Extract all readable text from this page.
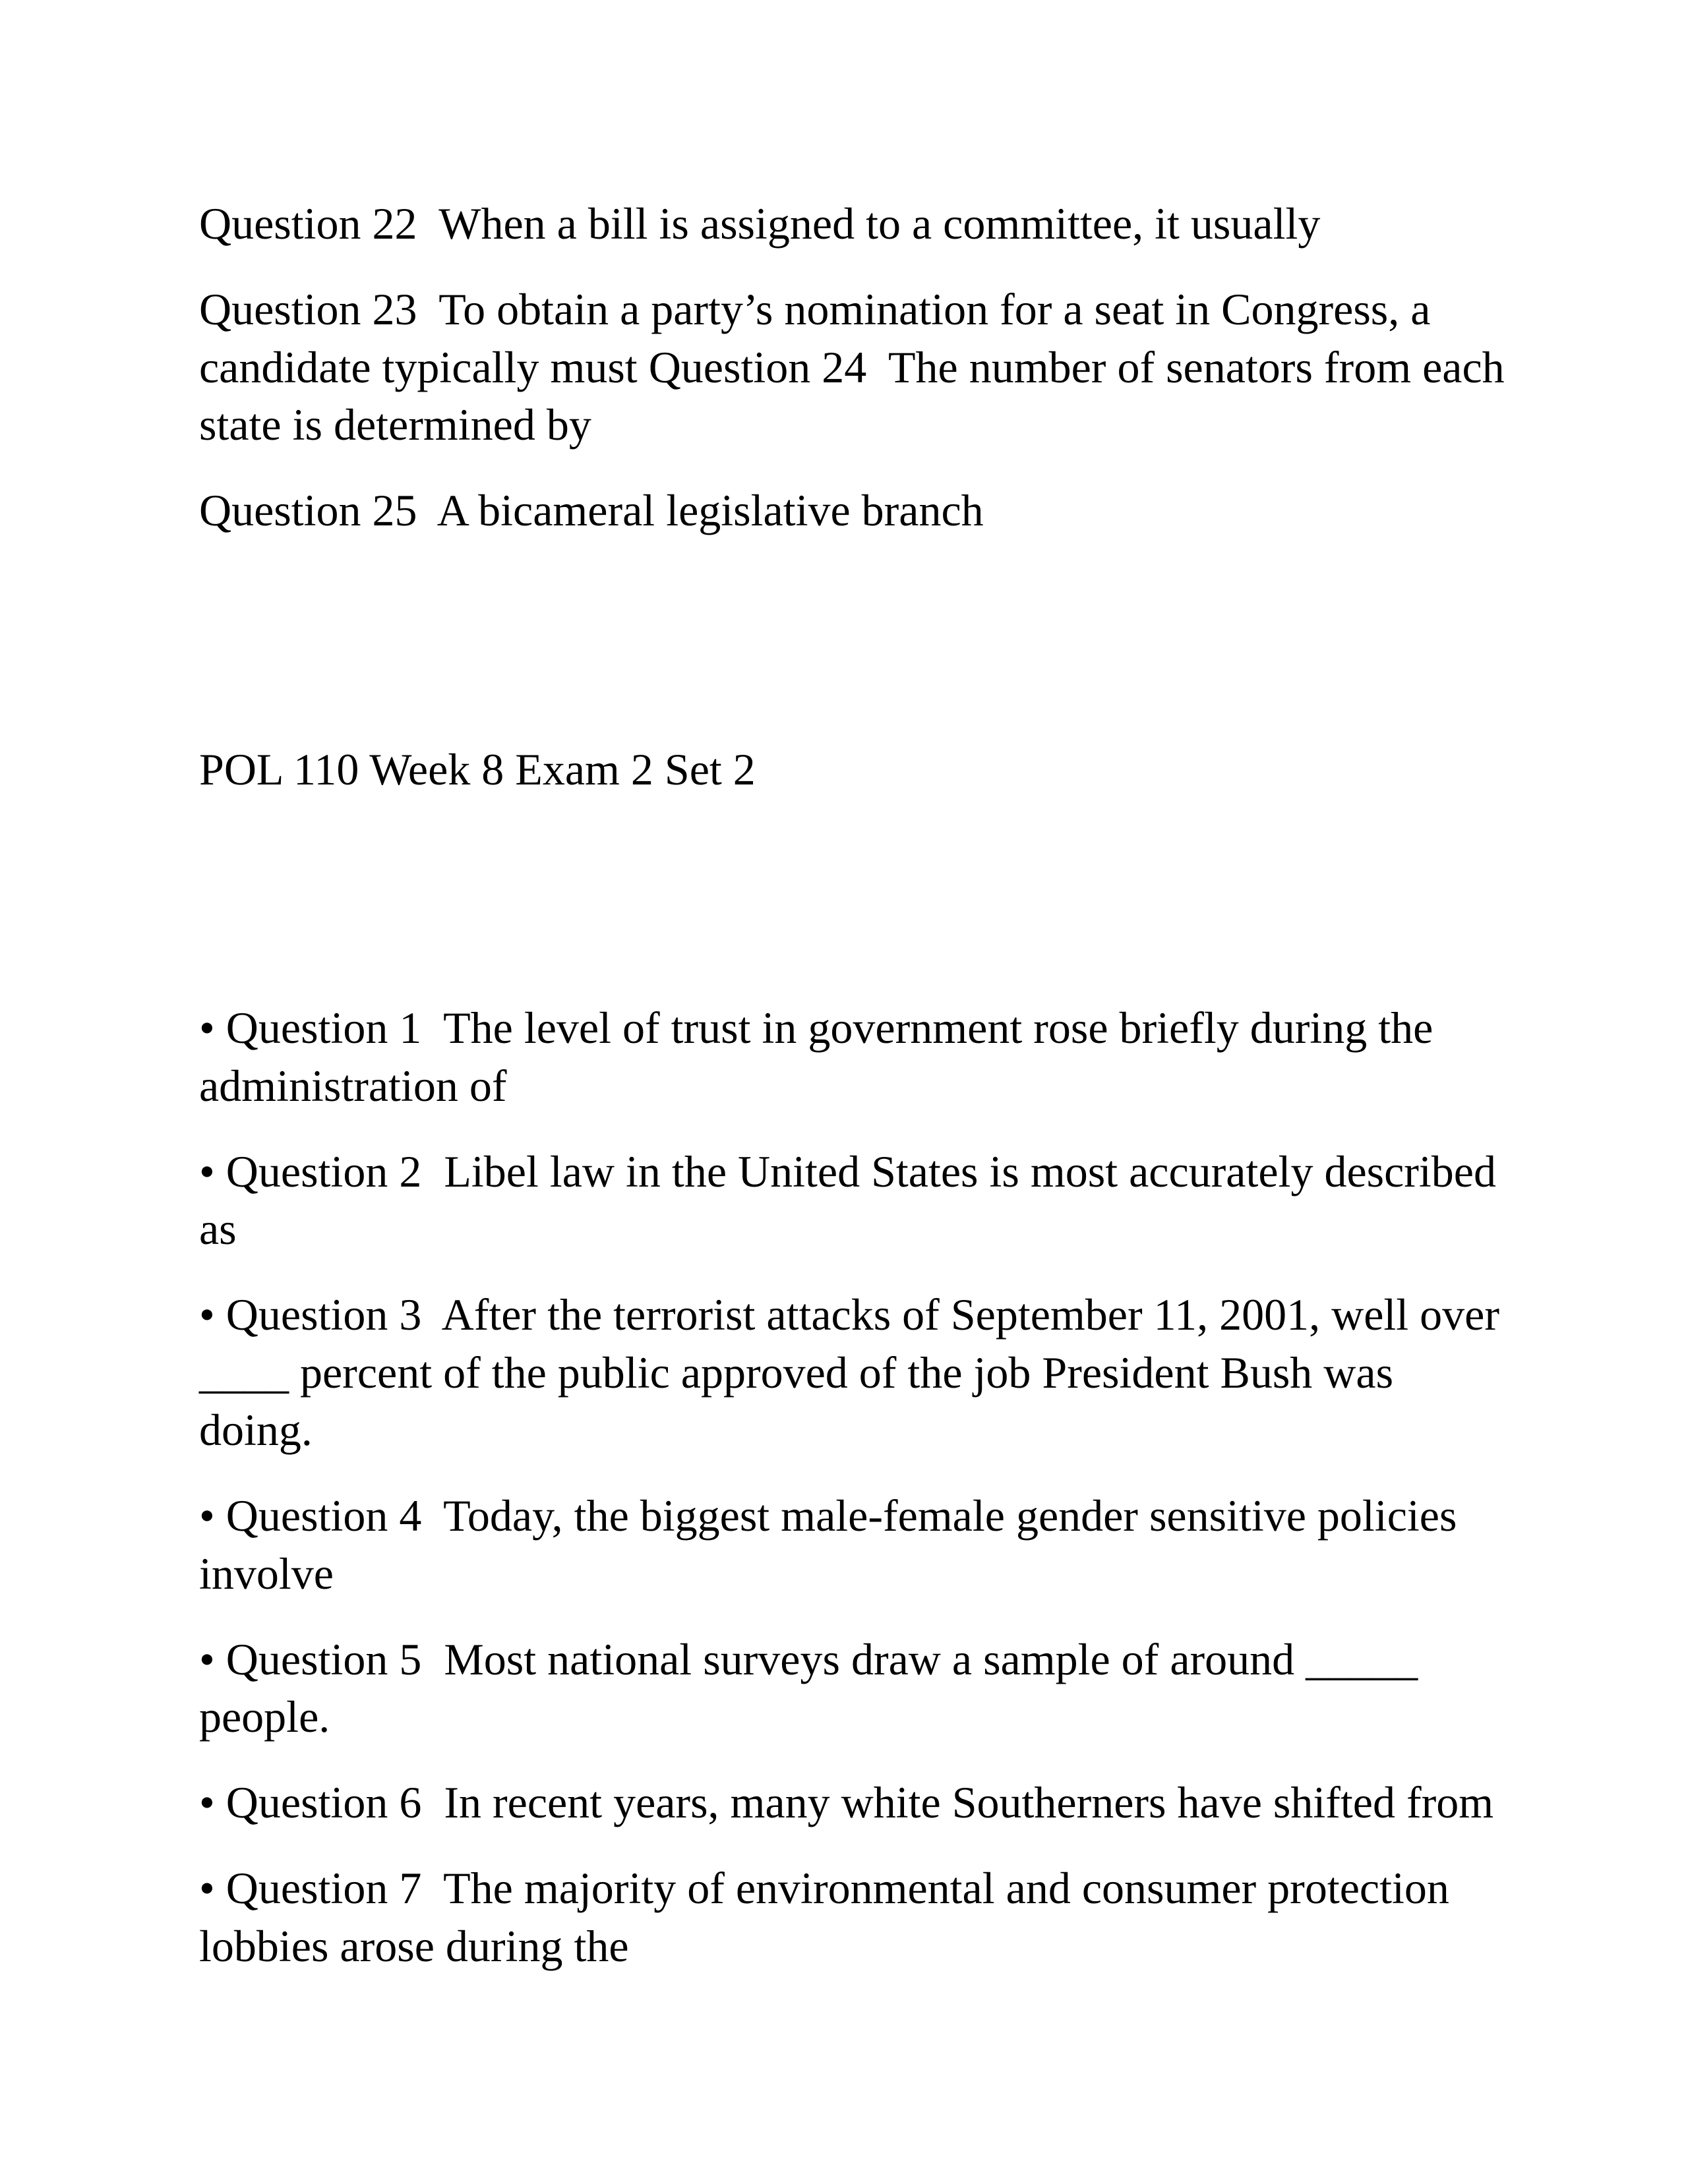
Question 22  When a bill is assigned to a committee, it usually

Question 23  To obtain a party’s nomination for a seat in Congress, a

candidate typically must Question 24  The number of senators from each

state is determined by

Question 25  A bicameral legislative branch

POL 110 Week 8 Exam 2 Set 2

• Question 1  The level of trust in government rose briefly during the

administration of

• Question 2  Libel law in the United States is most accurately described

as

• Question 3  After the terrorist attacks of September 11, 2001, well over

____ percent of the public approved of the job President Bush was

doing.

• Question 4  Today, the biggest male-female gender sensitive policies

involve

• Question 5  Most national surveys draw a sample of around _____

people.

• Question 6  In recent years, many white Southerners have shifted from

• Question 7  The majority of environmental and consumer protection

lobbies arose during the
